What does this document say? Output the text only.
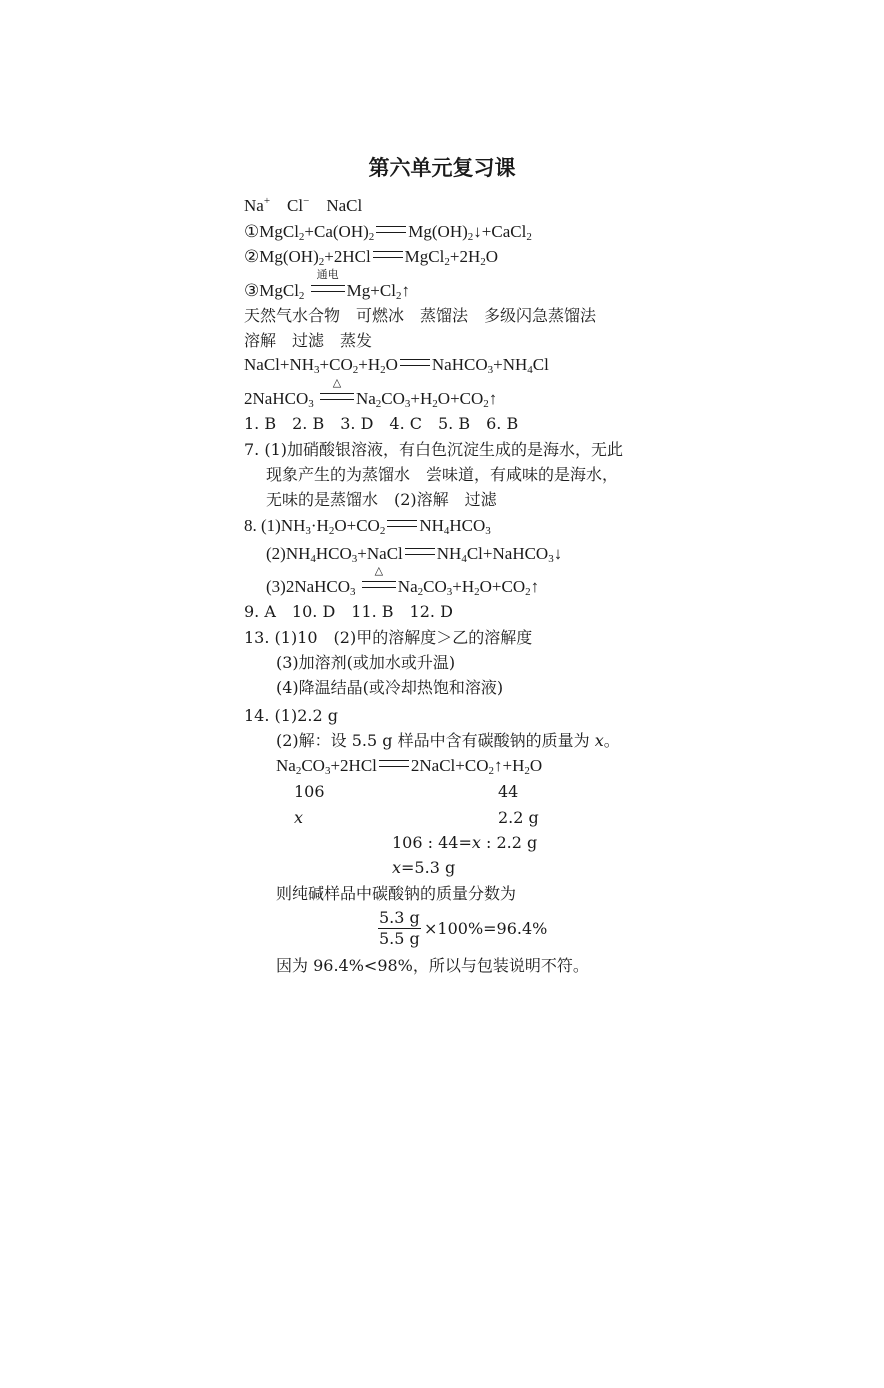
第六单元复习课
Na+    Cl−    NaCl
$①MgCl_2+Ca(OH)_2$ $Mg(OH)_2↓+CaCl_2$
$②Mg(OH)_2+2HCl$ $MgCl_2+2H_2O$
③MgCl$_2$
通电
$Mg+Cl_2↑$
天然气水合物　可燃冰　蒸馏法　多级闪急蒸馏法
溶解　过滤　蒸发
$NaCl+NH_3+CO_2+H_2O$ $NaHCO_3+NH_4Cl$
2NaHCO$_3$
△
$Na_2CO_3+H_2O+CO_2↑$
1. B　2. B　3. D　4. C　5. B　6. B
7. (1)加硝酸银溶液，有白色沉淀生成的是海水，无此
现象产生的为蒸馏水　尝味道，有咸味的是海水，
无味的是蒸馏水　(2)溶解　过滤
8. $(1)NH_3\cdot H_2O+CO_2$ $NH_4HCO_3$
$(2)NH_4HCO_3+NaCl$ $NH_4Cl+NaHCO_3↓$
(3)2NaHCO$_3$
△
$Na_2CO_3+H_2O+CO_2↑$
9. A　10. D　11. B　12. D
13. (1)10　(2)甲的溶解度＞乙的溶解度
(3)加溶剂(或加水或升温)
(4)降温结晶(或冷却热饱和溶液)
14. (1)2.2 g
(2)解：设 5.5 g 样品中含有碳酸钠的质量为 𝑥。
$Na_2CO_3+2HCl$ $2NaCl+CO_2↑+H_2O$
106	44
𝑥	2.2 g
106 : 44=𝑥 : 2.2 g
𝑥=5.3 g
则纯碱样品中碳酸钠的质量分数为
$\frac{5.3 g}{5.5 g} \times 100\%=96.4\%$
因为 96.4%<98%，所以与包装说明不符。
